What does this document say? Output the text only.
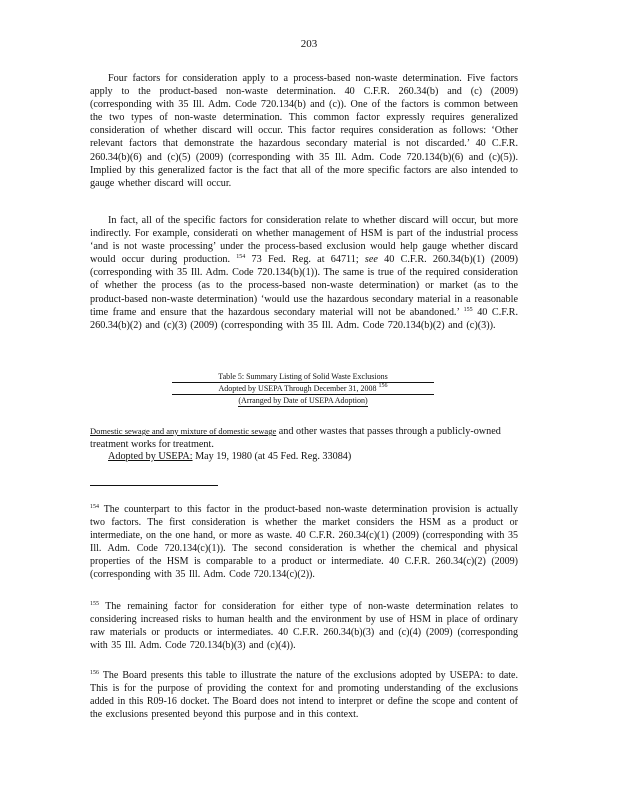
203

Four factors for consideration apply to a process-based non-waste determination. Five factors apply to the product-based non-waste determination. 40 C.F.R. 260.34(b) and (c) (2009) (corresponding with 35 Ill. Adm. Code 720.134(b) and (c)). One of the factors is common between the two types of non-waste determination. This common factor expressly requires generalized consideration of whether discard will occur. This factor requires consideration as follows: ‘Other relevant factors that demonstrate the hazardous secondary material is not discarded.’ 40 C.F.R. 260.34(b)(6) and (c)(5) (2009) (corresponding with 35 Ill. Adm. Code 720.134(b)(6) and (c)(5)). Implied by this generalized factor is the fact that all of the more specific factors are also intended to gauge whether discard will occur.

In fact, all of the specific factors for consideration relate to whether discard will occur, but more indirectly. For example, considerati on whether management of HSM is part of the industrial process ‘and is not waste processing’ under the process-based exclusion would help gauge whether discard would occur during production. $^{154}$ 73 Fed. Reg. at 64711; see 40 C.F.R. 260.34(b)(1) (2009) (corresponding with 35 Ill. Adm. Code 720.134(b)(1)). The same is true of the required consideration of whether the process (as to the process-based non-waste determination) or market (as to the product-based non-waste determination) ‘would use the hazardous secondary material in a reasonable time frame and ensure that the hazardous secondary material will not be abandoned.’ $^{155}$ 40 C.F.R. 260.34(b)(2) and (c)(3) (2009) (corresponding with 35 Ill. Adm. Code 720.134(b)(2) and (c)(3)).

Table 5: Summary Listing of Solid Waste Exclusions
Adopted by USEPA Through December 31, 2008 $^{156}$
(Arranged by Date of USEPA Adoption)
Domestic sewage and any mixture of domestic sewage and other wastes that passes through a publicly-owned treatment works for treatment.
Adopted by USEPA: May 19, 1980 (at 45 Fed. Reg. 33084)

$^{154}$ The counterpart to this factor in the product-based non-waste determination provision is actually two factors. The first consideration is whether the market considers the HSM as a product or intermediate, on the one hand, or more as waste. 40 C.F.R. 260.34(c)(1) (2009) (corresponding with 35 Ill. Adm. Code 720.134(c)(1)). The second consideration is whether the chemical and physical properties of the HSM is comparable to a product or intermediate. 40 C.F.R. 260.34(c)(2) (2009) (corresponding with 35 Ill. Adm. Code 720.134(c)(2)).

$^{155}$ The remaining factor for consideration for either type of non-waste determination relates to considering increased risks to human health and the environment by use of HSM in place of ordinary raw materials or products or intermediates. 40 C.F.R. 260.34(b)(3) and (c)(4) (2009) (corresponding with 35 Ill. Adm. Code 720.134(b)(3) and (c)(4)).

$^{156}$ The Board presents this table to illustrate the nature of the exclusions adopted by USEPA: to date. This is for the purpose of providing the context for and promoting understanding of the exclusions added in this R09-16 docket. The Board does not intend to interpret or define the scope and content of the exclusions presented beyond this purpose and in this context.
